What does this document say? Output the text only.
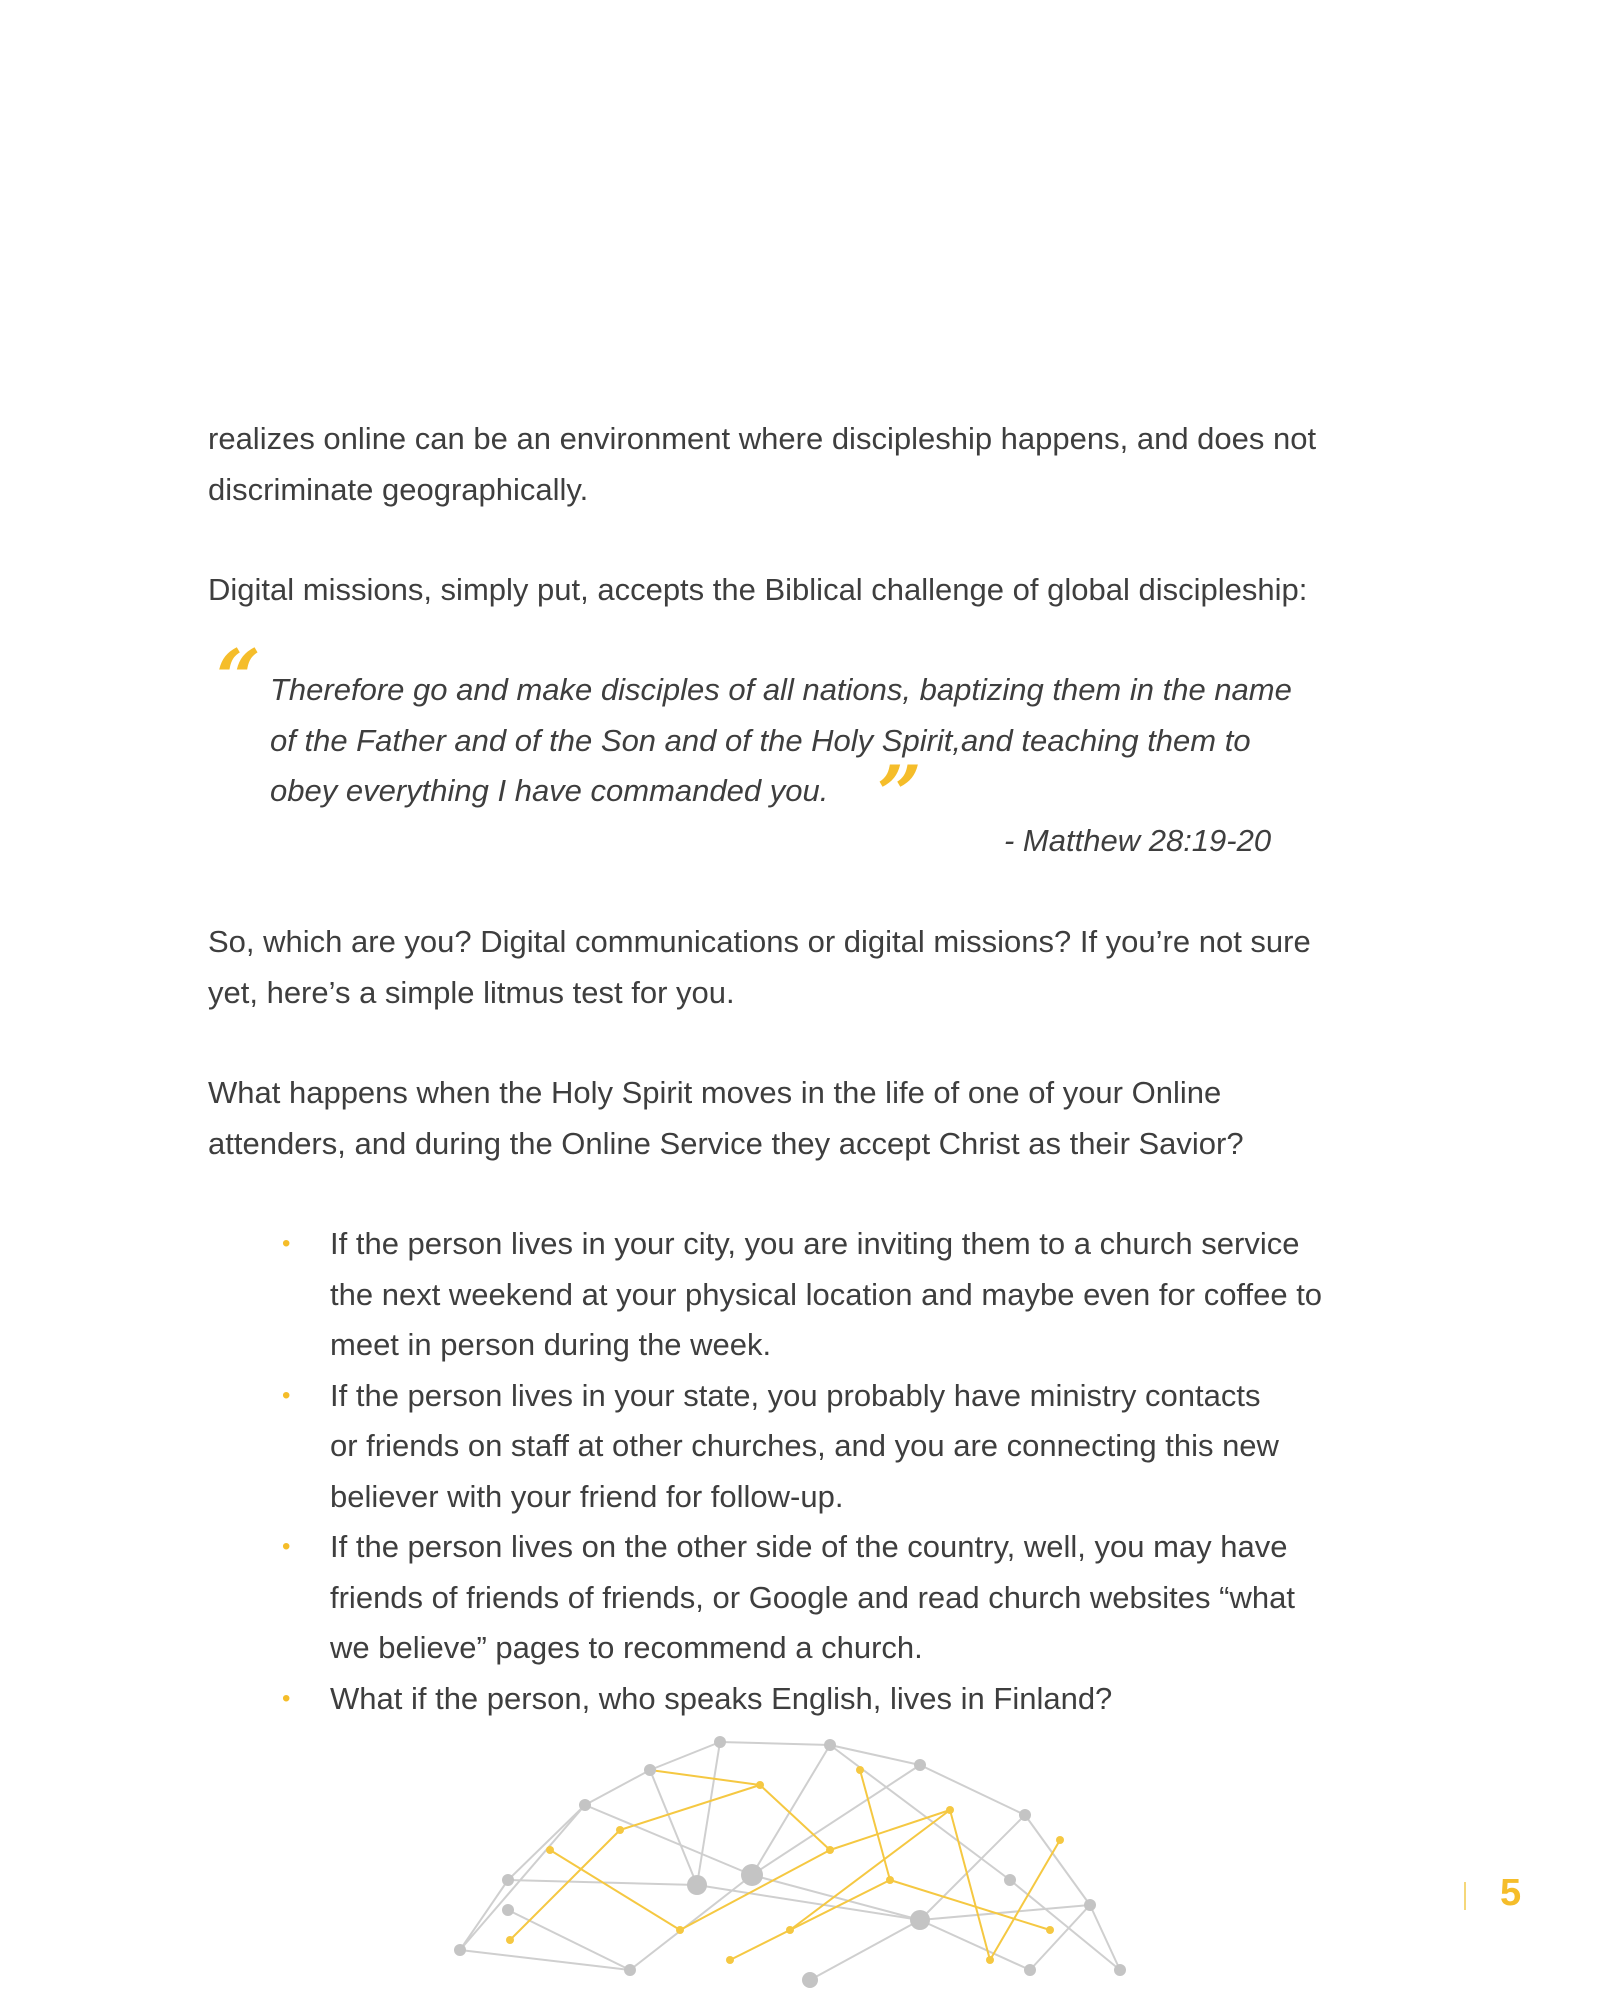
realizes online can be an environment where discipleship happens, and does not
discriminate geographically.

Digital missions, simply put, accepts the Biblical challenge of global discipleship:

“ Therefore go and make disciples of all nations, baptizing them in the name
of the Father and of the Son and of the Holy Spirit,and teaching them to
obey everything I have commanded you. ”
- Matthew 28:19-20

So, which are you? Digital communications or digital missions? If you’re not sure
yet, here’s a simple litmus test for you.

What happens when the Holy Spirit moves in the life of one of your Online
attenders, and during the Online Service they accept Christ as their Savior?

• If the person lives in your city, you are inviting them to a church service
the next weekend at your physical location and maybe even for coffee to
meet in person during the week.
• If the person lives in your state, you probably have ministry contacts
or friends on staff at other churches, and you are connecting this new
believer with your friend for follow-up.
• If the person lives on the other side of the country, well, you may have
friends of friends of friends, or Google and read church websites “what
we believe” pages to recommend a church.
• What if the person, who speaks English, lives in Finland?
5
